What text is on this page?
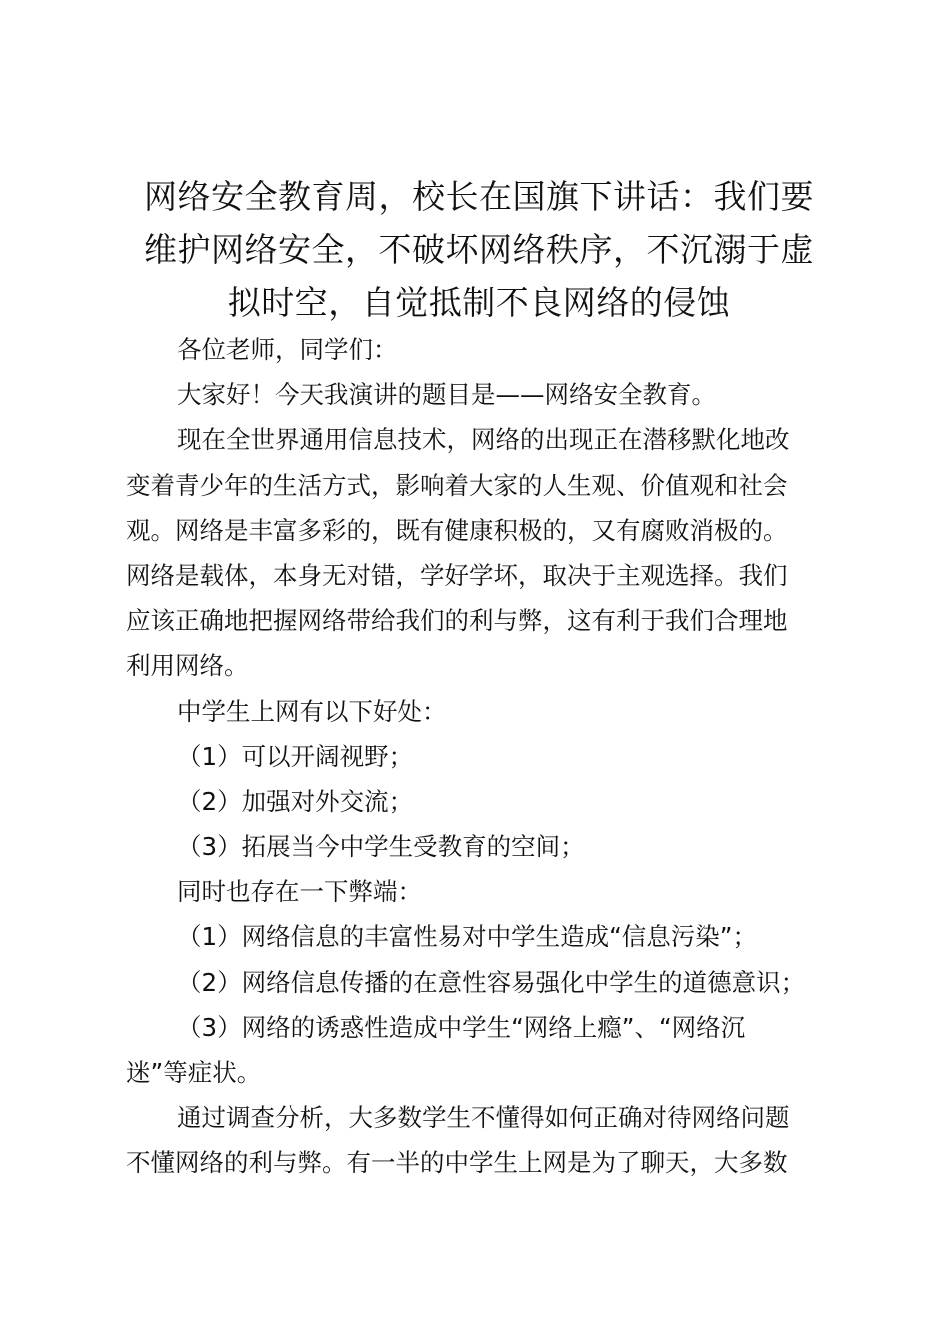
网络安全教育周，校长在国旗下讲话：我们要
维护网络安全，不破坏网络秩序，不沉溺于虚
拟时空，自觉抵制不良网络的侵蚀
各位老师，同学们：
大家好！今天我演讲的题目是——网络安全教育。
现在全世界通用信息技术，网络的出现正在潜移默化地改
变着青少年的生活方式，影响着大家的人生观、价值观和社会
观。网络是丰富多彩的，既有健康积极的，又有腐败消极的。
网络是载体，本身无对错，学好学坏，取决于主观选择。我们
应该正确地把握网络带给我们的利与弊，这有利于我们合理地
利用网络。
中学生上网有以下好处：
（1）可以开阔视野；
（2）加强对外交流；
（3）拓展当今中学生受教育的空间；
同时也存在一下弊端：
（1）网络信息的丰富性易对中学生造成“信息污染”；
（2）网络信息传播的在意性容易强化中学生的道德意识；
（3）网络的诱惑性造成中学生“网络上瘾”、“网络沉
迷”等症状。
通过调查分析，大多数学生不懂得如何正确对待网络问题
不懂网络的利与弊。有一半的中学生上网是为了聊天，大多数
